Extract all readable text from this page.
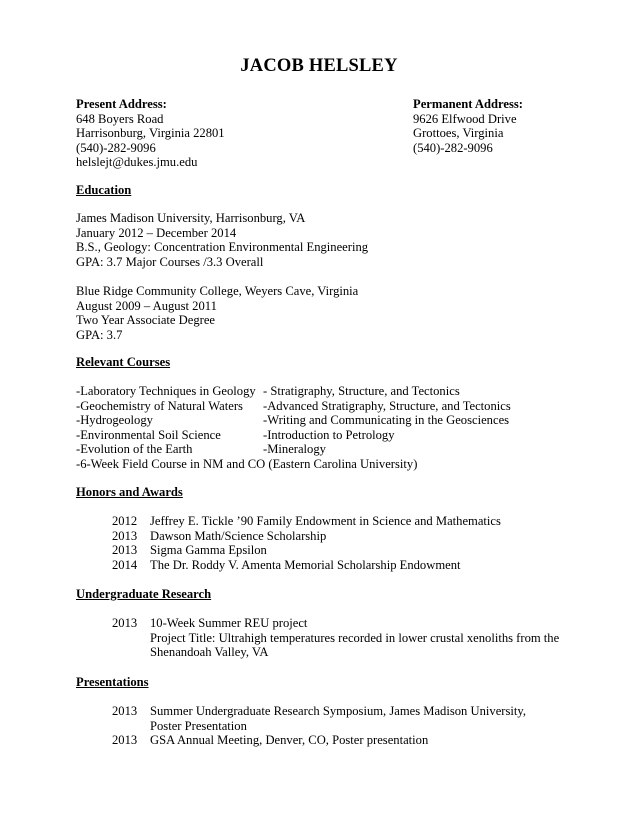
JACOB HELSLEY
Present Address:
648 Boyers Road
Harrisonburg, Virginia 22801
(540)-282-9096
helslejt@dukes.jmu.edu
Permanent Address:
9626 Elfwood Drive
Grottoes, Virginia
(540)-282-9096
Education
James Madison University, Harrisonburg, VA
January 2012 – December 2014
B.S., Geology: Concentration Environmental Engineering
GPA: 3.7 Major Courses /3.3 Overall
Blue Ridge Community College, Weyers Cave, Virginia
August 2009 – August 2011
Two Year Associate Degree
GPA: 3.7
Relevant Courses
-Laboratory Techniques in Geology
-Geochemistry of Natural Waters
-Hydrogeology
-Environmental Soil Science
-Evolution of the Earth
- Stratigraphy, Structure, and Tectonics
-Advanced Stratigraphy, Structure, and Tectonics
-Writing and Communicating in the Geosciences
-Introduction to Petrology
-Mineralogy
-6-Week Field Course in NM and CO (Eastern Carolina University)
Honors and Awards
2012
2013
2013
2014
Jeffrey E. Tickle ’90 Family Endowment in Science and Mathematics
Dawson Math/Science Scholarship
Sigma Gamma Epsilon
The Dr. Roddy V. Amenta Memorial Scholarship Endowment
Undergraduate Research
2013 10-Week Summer REU project
Project Title: Ultrahigh temperatures recorded in lower crustal xenoliths from the
Shenandoah Valley, VA
Presentations
2013 Summer Undergraduate Research Symposium, James Madison University,
Poster Presentation
2013 GSA Annual Meeting, Denver, CO, Poster presentation
